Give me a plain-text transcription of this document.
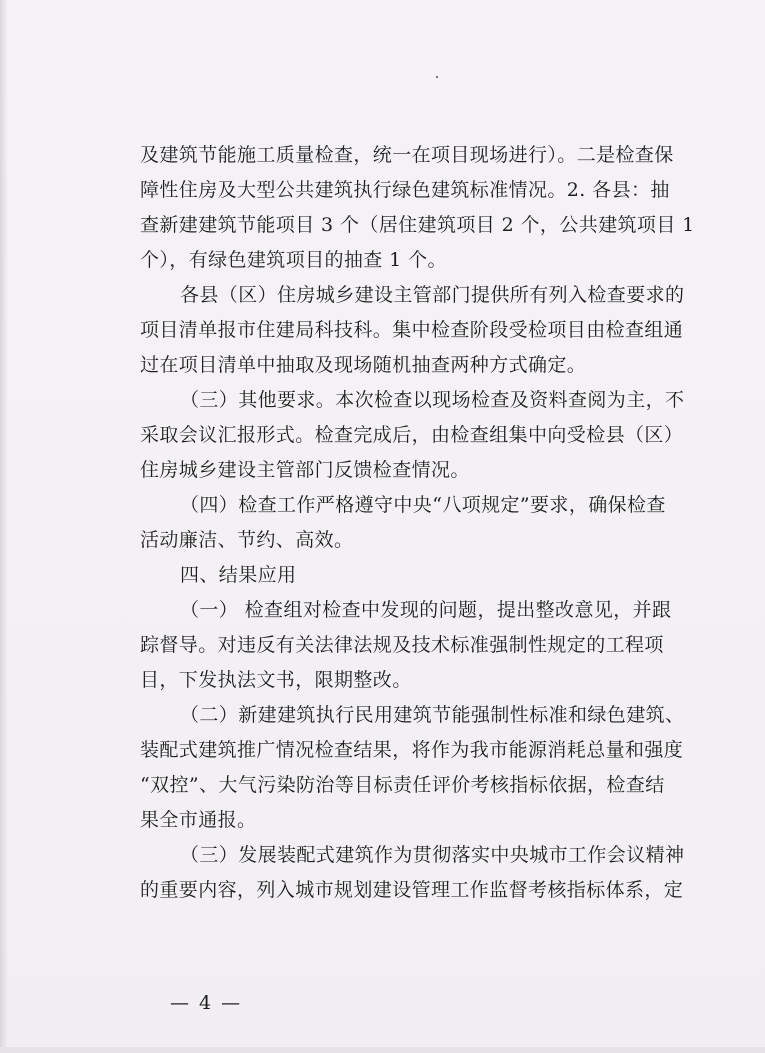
及建筑节能施工质量检查，统一在项目现场进行）。二是检查保
障性住房及大型公共建筑执行绿色建筑标准情况。2. 各县：抽
查新建建筑节能项目 3 个（居住建筑项目 2 个，公共建筑项目 1
个），有绿色建筑项目的抽查 1 个。
各县（区）住房城乡建设主管部门提供所有列入检查要求的
项目清单报市住建局科技科。集中检查阶段受检项目由检查组通
过在项目清单中抽取及现场随机抽查两种方式确定。
（三）其他要求。本次检查以现场检查及资料查阅为主，不
采取会议汇报形式。检查完成后，由检查组集中向受检县（区）
住房城乡建设主管部门反馈检查情况。
（四）检查工作严格遵守中央“八项规定”要求，确保检查
活动廉洁、节约、高效。
四、结果应用
（一） 检查组对检查中发现的问题，提出整改意见，并跟
踪督导。对违反有关法律法规及技术标准强制性规定的工程项
目，下发执法文书，限期整改。
（二）新建建筑执行民用建筑节能强制性标准和绿色建筑、
装配式建筑推广情况检查结果，将作为我市能源消耗总量和强度
“双控”、大气污染防治等目标责任评价考核指标依据，检查结
果全市通报。
（三）发展装配式建筑作为贯彻落实中央城市工作会议精神
的重要内容，列入城市规划建设管理工作监督考核指标体系，定
— 4 —
